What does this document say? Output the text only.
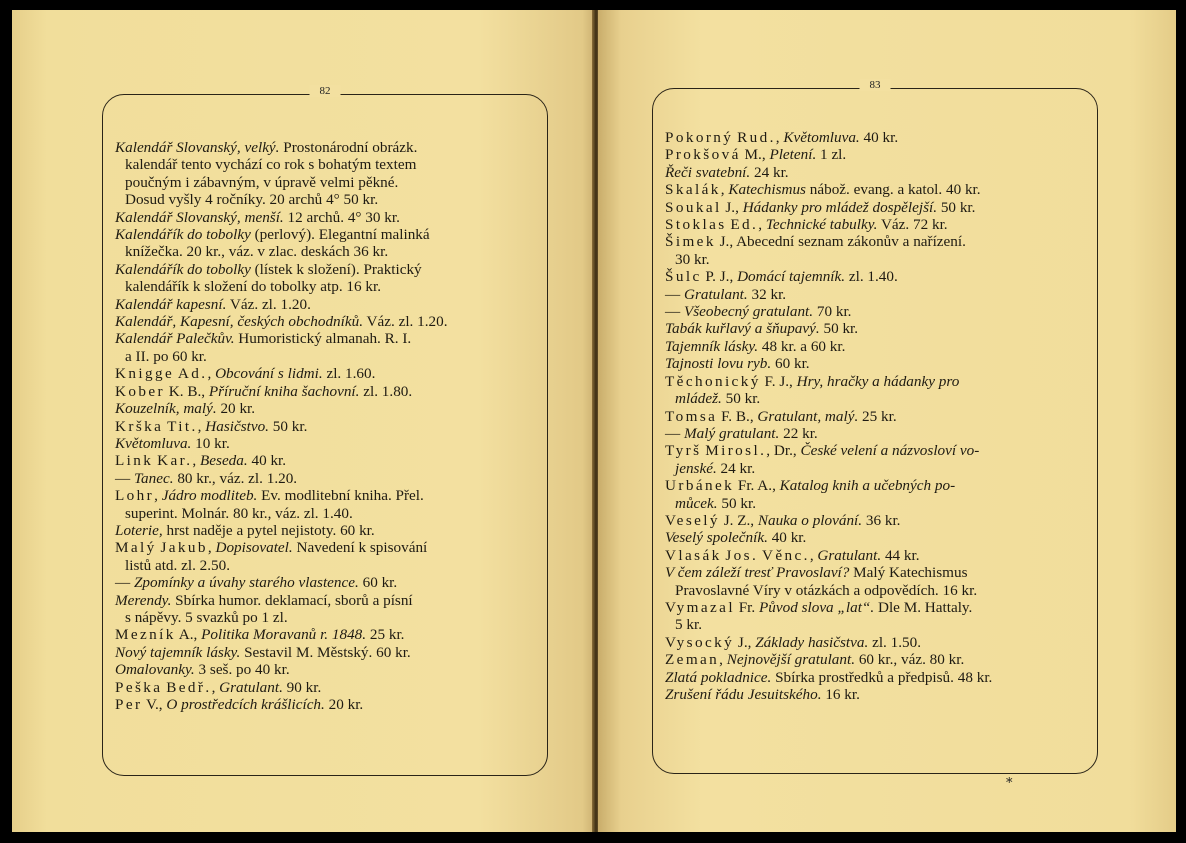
82
Kalendář Slovanský, velký. Prostonárodní obrázk.
kalendář tento vychází co rok s bohatým textem
poučným i zábavným, v úpravě velmi pěkné.
Dosud vyšly 4 ročníky. 20 archů 4° 50 kr.
Kalendář Slovanský, menší. 12 archů. 4° 30 kr.
Kalendářík do tobolky (perlový). Elegantní malinká
knížečka. 20 kr., váz. v zlac. deskách 36 kr.
Kalendářík do tobolky (lístek k složení). Praktický
kalendářík k složení do tobolky atp. 16 kr.
Kalendář kapesní. Váz. zl. 1.20.
Kalendář, Kapesní, českých obchodníků. Váz. zl. 1.20.
Kalendář Palečkův. Humoristický almanah. R. I.
a II. po 60 kr.
Knigge Ad., Obcování s lidmi. zl. 1.60.
Kober K. B., Příruční kniha šachovní. zl. 1.80.
Kouzelník, malý. 20 kr.
Krška Tit., Hasičstvo. 50 kr.
Květomluva. 10 kr.
Link Kar., Beseda. 40 kr.
— Tanec. 80 kr., váz. zl. 1.20.
Lohr, Jádro modliteb. Ev. modlitební kniha. Přel.
superint. Molnár. 80 kr., váz. zl. 1.40.
Loterie, hrst naděje a pytel nejistoty. 60 kr.
Malý Jakub, Dopisovatel. Navedení k spisování
listů atd. zl. 2.50.
— Zpomínky a úvahy starého vlastence. 60 kr.
Merendy. Sbírka humor. deklamací, sborů a písní
s nápěvy. 5 svazků po 1 zl.
Mezník A., Politika Moravanů r. 1848. 25 kr.
Nový tajemník lásky. Sestavil M. Městský. 60 kr.
Omalovanky. 3 seš. po 40 kr.
Peška Bedř., Gratulant. 90 kr.
Per V., O prostředcích krášlicích. 20 kr.
83
Pokorný Rud., Květomluva. 40 kr.
Prokšová M., Pletení. 1 zl.
Řeči svatební. 24 kr.
Skalák, Katechismus nábož. evang. a katol. 40 kr.
Soukal J., Hádanky pro mládež dospělejší. 50 kr.
Stoklas Ed., Technické tabulky. Váz. 72 kr.
Šimek J., Abecední seznam zákonův a nařízení.
30 kr.
Šulc P. J., Domácí tajemník. zl. 1.40.
— Gratulant. 32 kr.
— Všeobecný gratulant. 70 kr.
Tabák kuřlavý a šňupavý. 50 kr.
Tajemník lásky. 48 kr. a 60 kr.
Tajnosti lovu ryb. 60 kr.
Těchonický F. J., Hry, hračky a hádanky pro
mládež. 50 kr.
Tomsa F. B., Gratulant, malý. 25 kr.
— Malý gratulant. 22 kr.
Tyrš Mirosl., Dr., České velení a názvosloví vo-
jenské. 24 kr.
Urbánek Fr. A., Katalog knih a učebných po-
můcek. 50 kr.
Veselý J. Z., Nauka o plování. 36 kr.
Veselý společník. 40 kr.
Vlasák Jos. Věnc., Gratulant. 44 kr.
V čem záleží tresť Pravoslaví? Malý Katechismus
Pravoslavné Víry v otázkách a odpovědích. 16 kr.
Vymazal Fr. Původ slova „lat“. Dle M. Hattaly.
5 kr.
Vysocký J., Základy hasičstva. zl. 1.50.
Zeman, Nejnovější gratulant. 60 kr., váz. 80 kr.
Zlatá pokladnice. Sbírka prostředků a předpisů. 48 kr.
Zrušení řádu Jesuitského. 16 kr.
*
